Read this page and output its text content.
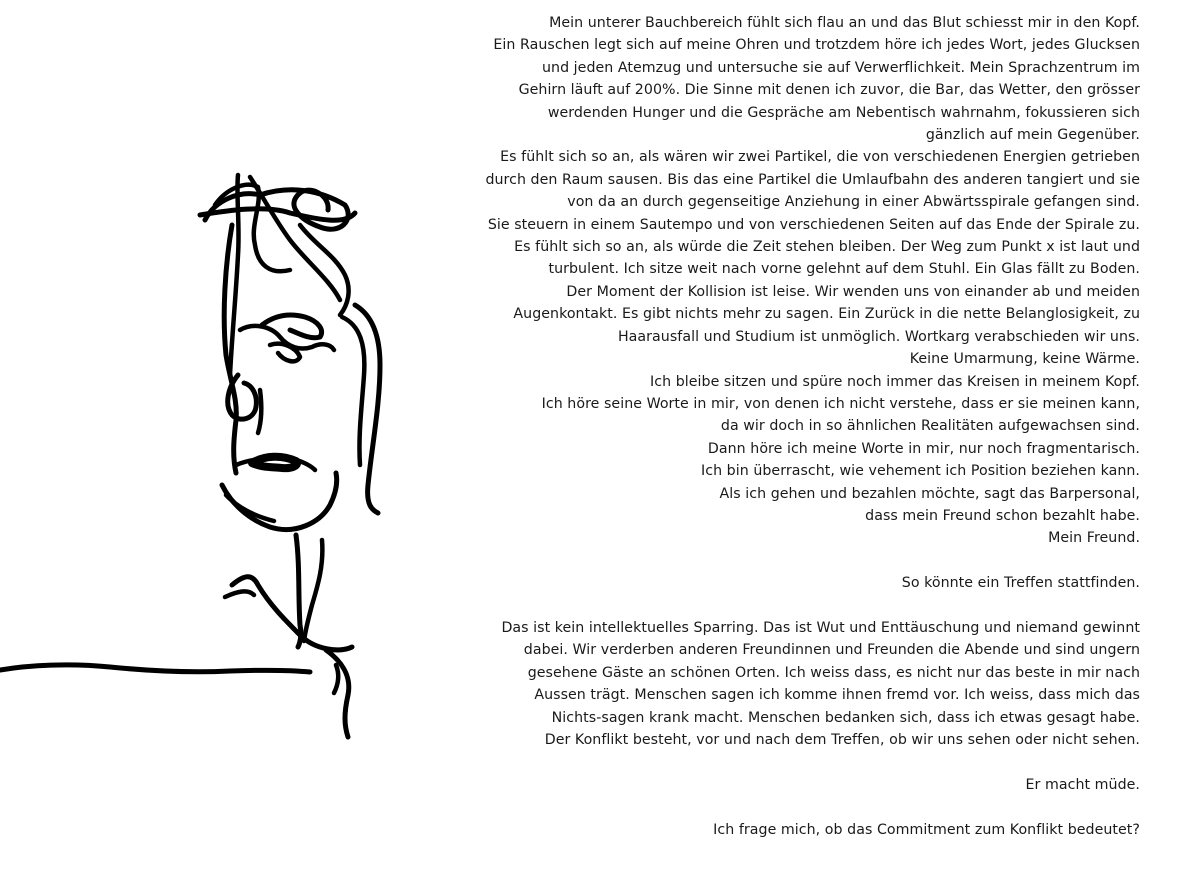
Mein unterer Bauchbereich fühlt sich flau an und das Blut schiesst mir in den Kopf.
Ein Rauschen legt sich auf meine Ohren und trotzdem höre ich jedes Wort, jedes Glucksen
und jeden Atemzug und untersuche sie auf Verwerflichkeit. Mein Sprachzentrum im
Gehirn läuft auf 200%. Die Sinne mit denen ich zuvor, die Bar, das Wetter, den grösser
werdenden Hunger und die Gespräche am Nebentisch wahrnahm, fokussieren sich
gänzlich auf mein Gegenüber.
Es fühlt sich so an, als wären wir zwei Partikel, die von verschiedenen Energien getrieben
durch den Raum sausen. Bis das eine Partikel die Umlaufbahn des anderen tangiert und sie
von da an durch gegenseitige Anziehung in einer Abwärtsspirale gefangen sind.
Sie steuern in einem Sautempo und von verschiedenen Seiten auf das Ende der Spirale zu.
Es fühlt sich so an, als würde die Zeit stehen bleiben. Der Weg zum Punkt x ist laut und
turbulent. Ich sitze weit nach vorne gelehnt auf dem Stuhl. Ein Glas fällt zu Boden.
Der Moment der Kollision ist leise. Wir wenden uns von einander ab und meiden
Augenkontakt. Es gibt nichts mehr zu sagen. Ein Zurück in die nette Belanglosigkeit, zu
Haarausfall und Studium ist unmöglich. Wortkarg verabschieden wir uns.
Keine Umarmung, keine Wärme.
Ich bleibe sitzen und spüre noch immer das Kreisen in meinem Kopf.
Ich höre seine Worte in mir, von denen ich nicht verstehe, dass er sie meinen kann,
da wir doch in so ähnlichen Realitäten aufgewachsen sind.
Dann höre ich meine Worte in mir, nur noch fragmentarisch.
Ich bin überrascht, wie vehement ich Position beziehen kann.
Als ich gehen und bezahlen möchte, sagt das Barpersonal,
dass mein Freund schon bezahlt habe.
Mein Freund.
So könnte ein Treffen stattfinden.
Das ist kein intellektuelles Sparring. Das ist Wut und Enttäuschung und niemand gewinnt
dabei. Wir verderben anderen Freundinnen und Freunden die Abende und sind ungern
gesehene Gäste an schönen Orten. Ich weiss dass, es nicht nur das beste in mir nach
Aussen trägt. Menschen sagen ich komme ihnen fremd vor. Ich weiss, dass mich das
Nichts-sagen krank macht. Menschen bedanken sich, dass ich etwas gesagt habe.
Der Konflikt besteht, vor und nach dem Treffen, ob wir uns sehen oder nicht sehen.
Er macht müde.
Ich frage mich, ob das Commitment zum Konflikt bedeutet?
